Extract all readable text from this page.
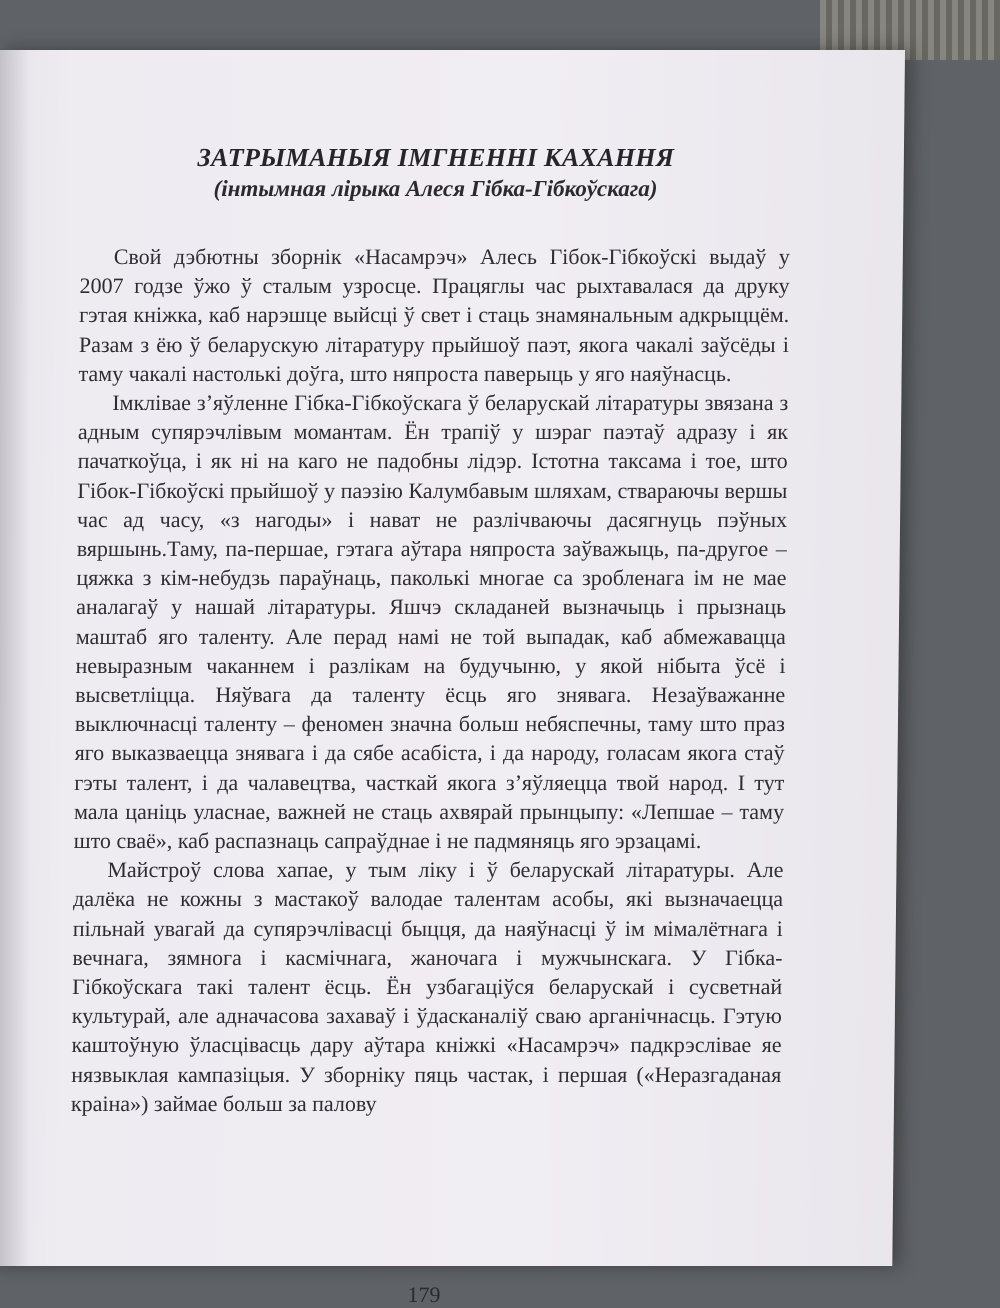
ЗАТРЫМАНЫЯ ІМГНЕННІ КАХАННЯ
(інтымная лірыка Алеся Гібка-Гібкоўскага)

Свой дэбютны зборнік «Насамрэч» Алесь Гібок-Гібкоўскі выдаў у 2007 годзе ўжо ў сталым узросце. Працяглы час рыхтавалася да друку гэтая кніжка, каб нарэшце выйсці ў свет і стаць знамянальным адкрыццём. Разам з ёю ў беларускую літаратуру прыйшоў паэт, якога чакалі заўсёды і таму чакалі настолькі доўга, што няпроста паверыць у яго наяўнасць.

Імклівае з’яўленне Гібка-Гібкоўскага ў беларускай літаратуры звязана з адным супярэчлівым момантам. Ён трапіў у шэраг паэтаў адразу і як пачаткоўца, і як ні на каго не падобны лідэр. Істотна таксама і тое, што Гібок-Гібкоўскі прыйшоў у паэзію Калумбавым шляхам, ствараючы вершы час ад часу, «з нагоды» і нават не разлічваючы дасягнуць пэўных вяршынь.Таму, па-першае, гэтага аўтара няпроста заўважыць, па-другое – цяжка з кім-небудзь параўнаць, паколькі многае са зробленага ім не мае аналагаў у нашай літаратуры. Яшчэ складаней вызначыць і прызнаць маштаб яго таленту. Але перад намі не той выпадак, каб абмежавацца невыразным чаканнем і разлікам на будучыню, у якой нібыта ўсё і высветліцца. Няўвага да таленту ёсць яго знявага. Незаўважанне выключнасці таленту – феномен значна больш небяспечны, таму што праз яго выказваецца знявага і да сябе асабіста, і да народу, голасам якога стаў гэты талент, і да чалавецтва, часткай якога з’яўляецца твой народ. І тут мала цаніць уласнае, важней не стаць ахвярай прынцыпу: «Лепшае – таму што сваё», каб распазнаць сапраўднае і не падмяняць яго эрзацамі.

Майстроў слова хапае, у тым ліку і ў беларускай літаратуры. Але далёка не кожны з мастакоў валодае талентам асобы, які вызначаецца пільнай увагай да супярэчлівасці быцця, да наяўнасці ў ім мімалётнага і вечнага, зямнога і касмічнага, жаночага і мужчынскага. У Гібка-Гібкоўскага такі талент ёсць. Ён узбагаціўся беларускай і сусветнай культурай, але адначасова захаваў і ўдасканаліў сваю арганічнасць. Гэтую каштоўную ўласцівасць дару аўтара кніжкі «Насамрэч» падкрэслівае яе нязвыклая кампазіцыя. У зборніку пяць частак, і першая («Неразгаданая краіна») займае больш за палову

179
